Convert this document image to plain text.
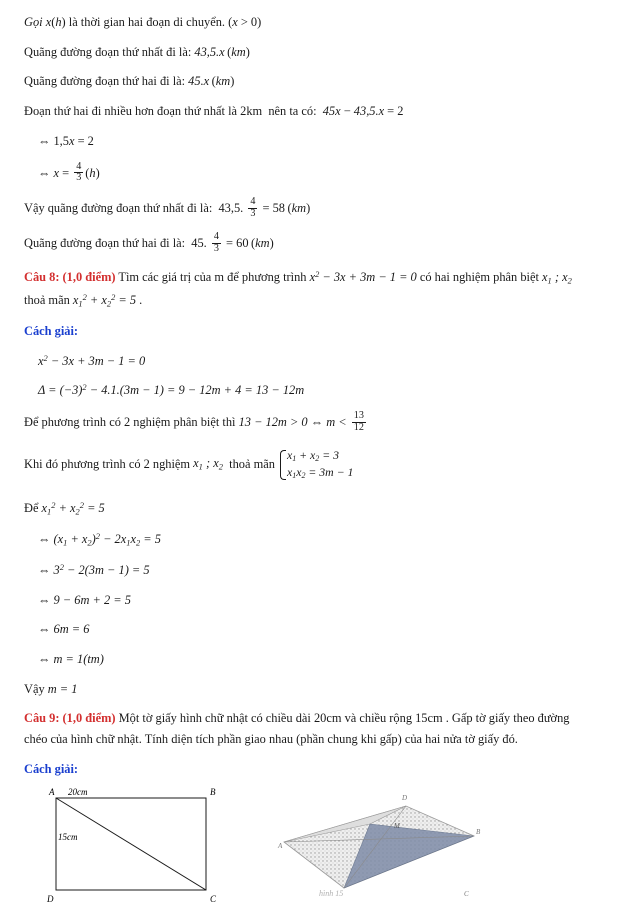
Gọi x(h) là thời gian hai đoạn di chuyển. (x > 0)
Quãng đường đoạn thứ nhất đi là: 43,5.x (km)
Quãng đường đoạn thứ hai đi là: 45.x (km)
Đoạn thứ hai đi nhiều hơn đoạn thứ nhất là 2km  nên ta có:  45x − 43,5.x = 2
⇔ 1,5x = 2
⇔ $x = \frac{4}{3} (h)$
Vậy quãng đường đoạn thứ nhất đi là:  43,5. $\frac{4}{3} = 58$ (km)
Quãng đường đoạn thứ hai đi là:  45. $\frac{4}{3} = 60$ (km)
Câu 8: (1,0 điểm) Tìm các giá trị của m để phương trình $x^2 - 3x + 3m - 1 = 0$ có hai nghiệm phân biệt $x_1$ ; $x_2$
thoả mãn $x_1^2 + x_2^2 = 5$ .
Cách giải:
$x^2 - 3x + 3m - 1 = 0$
$\Delta = (-3)^2 - 4.1.(3m - 1) = 9 - 12m + 4 = 13 - 12m$
Để phương trình có 2 nghiệm phân biệt thì 13 − 12m > 0 ⇔ $m < \frac{13}{12}$
Khi đó phương trình có 2 nghiệm $x_1$ ; $x_2$  thoả mãn
$x_1 + x_2 = 3$
$x_1x_2 = 3m - 1$
Để $x_1^2 + x_2^2 = 5$
⇔ $(x_1 + x_2)^2 - 2x_1x_2 = 5$
⇔ $3^2 - 2(3m - 1) = 5$
⇔ 9 − 6m + 2 = 5
⇔ 6m = 6
⇔ m = 1(tm)
Vậy m = 1
Câu 9: (1,0 điểm) Một tờ giấy hình chữ nhật có chiều dài 20cm và chiều rộng 15cm . Gấp tờ giấy theo đường
chéo của hình chữ nhật. Tính diện tích phần giao nhau (phần chung khi gấp) của hai nửa tờ giấy đó.
Cách giải:
20cm
15cm
A	B
D	C
D
A
B
M
C
hình 15
